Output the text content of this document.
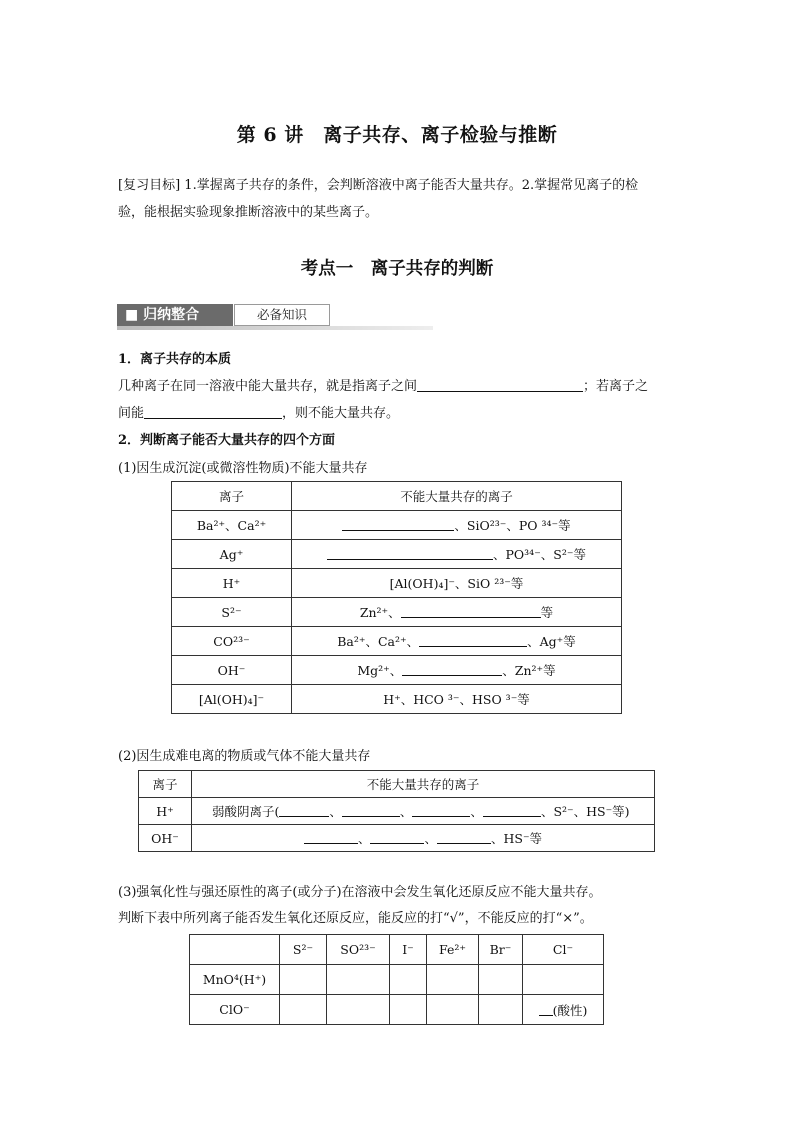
第 6 讲　离子共存、离子检验与推断
[复习目标] 1.掌握离子共存的条件，会判断溶液中离子能否大量共存。2.掌握常见离子的检
验，能根据实验现象推断溶液中的某些离子。
考点一　离子共存的判断
■ 归纳整合	必备知识
1．离子共存的本质
几种离子在同一溶液中能大量共存，就是指离子之间	；若离子之
间能	，则不能大量共存。
2．判断离子能否大量共存的四个方面
(1)因生成沉淀(或微溶性物质)不能大量共存
离子	不能大量共存的离子
Ba²⁺、Ca²⁺	、SiO²³⁻、PO ³⁴⁻等
Ag⁺	、PO³⁴⁻、S²⁻等
H⁺	[Al(OH)₄]⁻、SiO ²³⁻等
S²⁻	Zn²⁺、 等
CO²³⁻	Ba²⁺、Ca²⁺、 、Ag⁺等
OH⁻	Mg²⁺、 、Zn²⁺等
[Al(OH)₄]⁻	H⁺、HCO ³⁻、HSO ³⁻等
(2)因生成难电离的物质或气体不能大量共存
离子	不能大量共存的离子
H⁺	弱酸阴离子( 、 、 、 、S²⁻、HS⁻等)
OH⁻	、 、 、HS⁻等
(3)强氧化性与强还原性的离子(或分子)在溶液中会发生氧化还原反应不能大量共存。
判断下表中所列离子能否发生氧化还原反应，能反应的打“√”，不能反应的打“×”。
	S²⁻	SO²³⁻	I⁻	Fe²⁺	Br⁻	Cl⁻
MnO⁴(H⁺)						
ClO⁻						(酸性)
